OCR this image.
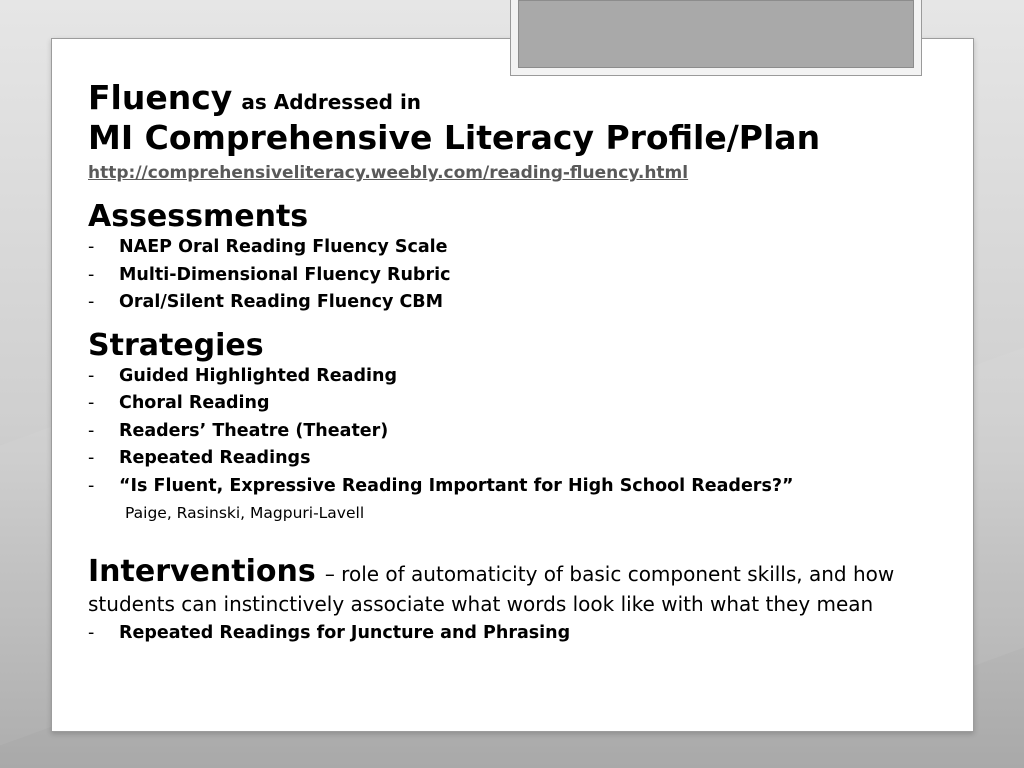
Fluency as Addressed in
MI Comprehensive Literacy Profile/Plan
http://comprehensiveliteracy.weebly.com/reading-fluency.html
Assessments
- NAEP Oral Reading Fluency Scale
- Multi-Dimensional Fluency Rubric
- Oral/Silent Reading Fluency CBM
Strategies
- Guided Highlighted Reading
- Choral Reading
- Readers’ Theatre (Theater)
- Repeated Readings
- “Is Fluent, Expressive Reading Important for High School Readers?”
Paige, Rasinski, Magpuri-Lavell
Interventions – role of automaticity of basic component skills, and how
students can instinctively associate what words look like with what they mean
- Repeated Readings for Juncture and Phrasing
